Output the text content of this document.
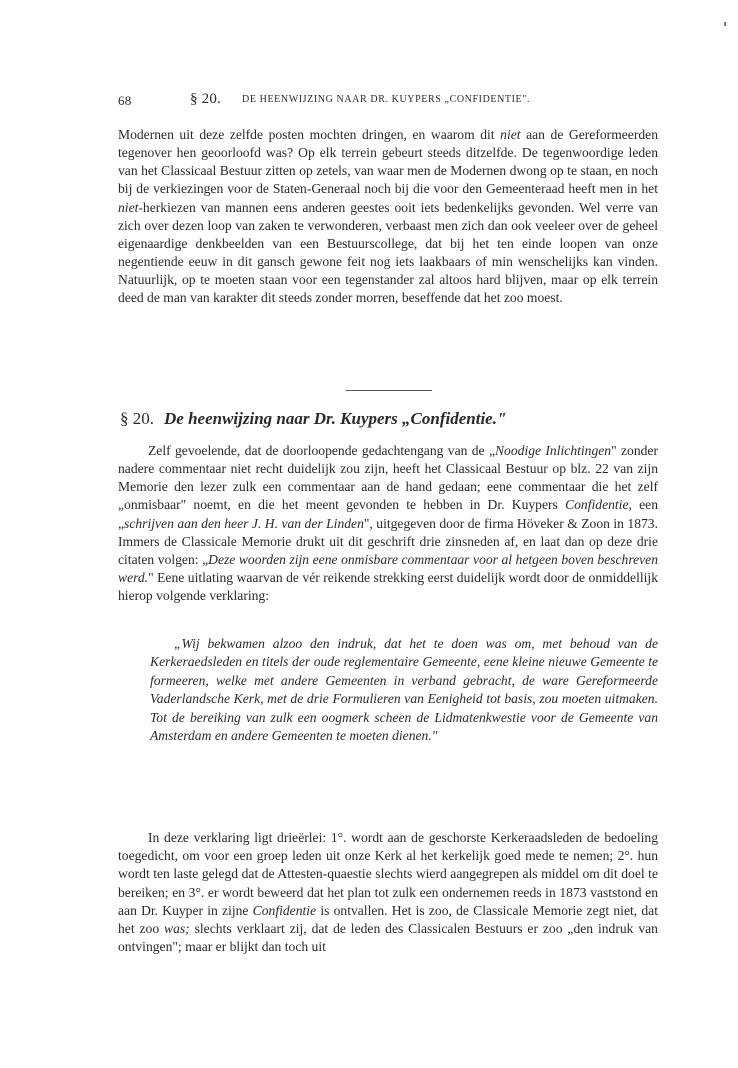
68	§ 20. DE HEENWIJZING NAAR DR. KUYPERS „CONFIDENTIE".

Modernen uit deze zelfde posten mochten dringen, en waarom dit niet aan de Gereformeerden tegenover hen geoorloofd was? Op elk terrein gebeurt steeds ditzelfde. De tegenwoordige leden van het Classicaal Bestuur zitten op zetels, van waar men de Modernen dwong op te staan, en noch bij de verkiezingen voor de Staten-Generaal noch bij die voor den Gemeenteraad heeft men in het niet-herkiezen van mannen eens anderen geestes ooit iets bedenkelijks gevonden. Wel verre van zich over dezen loop van zaken te verwonderen, verbaast men zich dan ook veeleer over de geheel eigenaardige denkbeelden van een Bestuurscollege, dat bij het ten einde loopen van onze negentiende eeuw in dit gansch gewone feit nog iets laakbaars of min wenschelijks kan vinden. Natuurlijk, op te moeten staan voor een tegenstander zal altoos hard blijven, maar op elk terrein deed de man van karakter dit steeds zonder morren, beseffende dat het zoo moest.

§ 20. De heenwijzing naar Dr. Kuypers „Confidentie."

Zelf gevoelende, dat de doorloopende gedachtengang van de „Noodige Inlichtingen" zonder nadere commentaar niet recht duidelijk zou zijn, heeft het Classicaal Bestuur op blz. 22 van zijn Memorie den lezer zulk een commentaar aan de hand gedaan; eene commentaar die het zelf „onmisbaar" noemt, en die het meent gevonden te hebben in Dr. Kuypers Confidentie, een „schrijven aan den heer J. H. van der Linden", uitgegeven door de firma Höveker & Zoon in 1873. Immers de Classicale Memorie drukt uit dit geschrift drie zinsneden af, en laat dan op deze drie citaten volgen: „Deze woorden zijn eene onmisbare commentaar voor al hetgeen boven beschreven werd." Eene uitlating waarvan de vér reikende strekking eerst duidelijk wordt door de onmiddellijk hierop volgende verklaring:

„Wij bekwamen alzoo den indruk, dat het te doen was om, met behoud van de Kerkeraedsleden en titels der oude reglementaire Gemeente, eene kleine nieuwe Gemeente te formeeren, welke met andere Gemeenten in verband gebracht, de ware Gereformeerde Vaderlandsche Kerk, met de drie Formulieren van Eenigheid tot basis, zou moeten uitmaken. Tot de bereiking van zulk een oogmerk scheen de Lidmatenkwestie voor de Gemeente van Amsterdam en andere Gemeenten te moeten dienen."

In deze verklaring ligt drieërlei: 1°. wordt aan de geschorste Kerkeraadsleden de bedoeling toegedicht, om voor een groep leden uit onze Kerk al het kerkelijk goed mede te nemen; 2°. hun wordt ten laste gelegd dat de Attesten-quaestie slechts wierd aangegrepen als middel om dit doel te bereiken; en 3°. er wordt beweerd dat het plan tot zulk een ondernemen reeds in 1873 vaststond en aan Dr. Kuyper in zijne Confidentie is ontvallen. Het is zoo, de Classicale Memorie zegt niet, dat het zoo was; slechts verklaart zij, dat de leden des Classicalen Bestuurs er zoo „den indruk van ontvingen"; maar er blijkt dan toch uit
